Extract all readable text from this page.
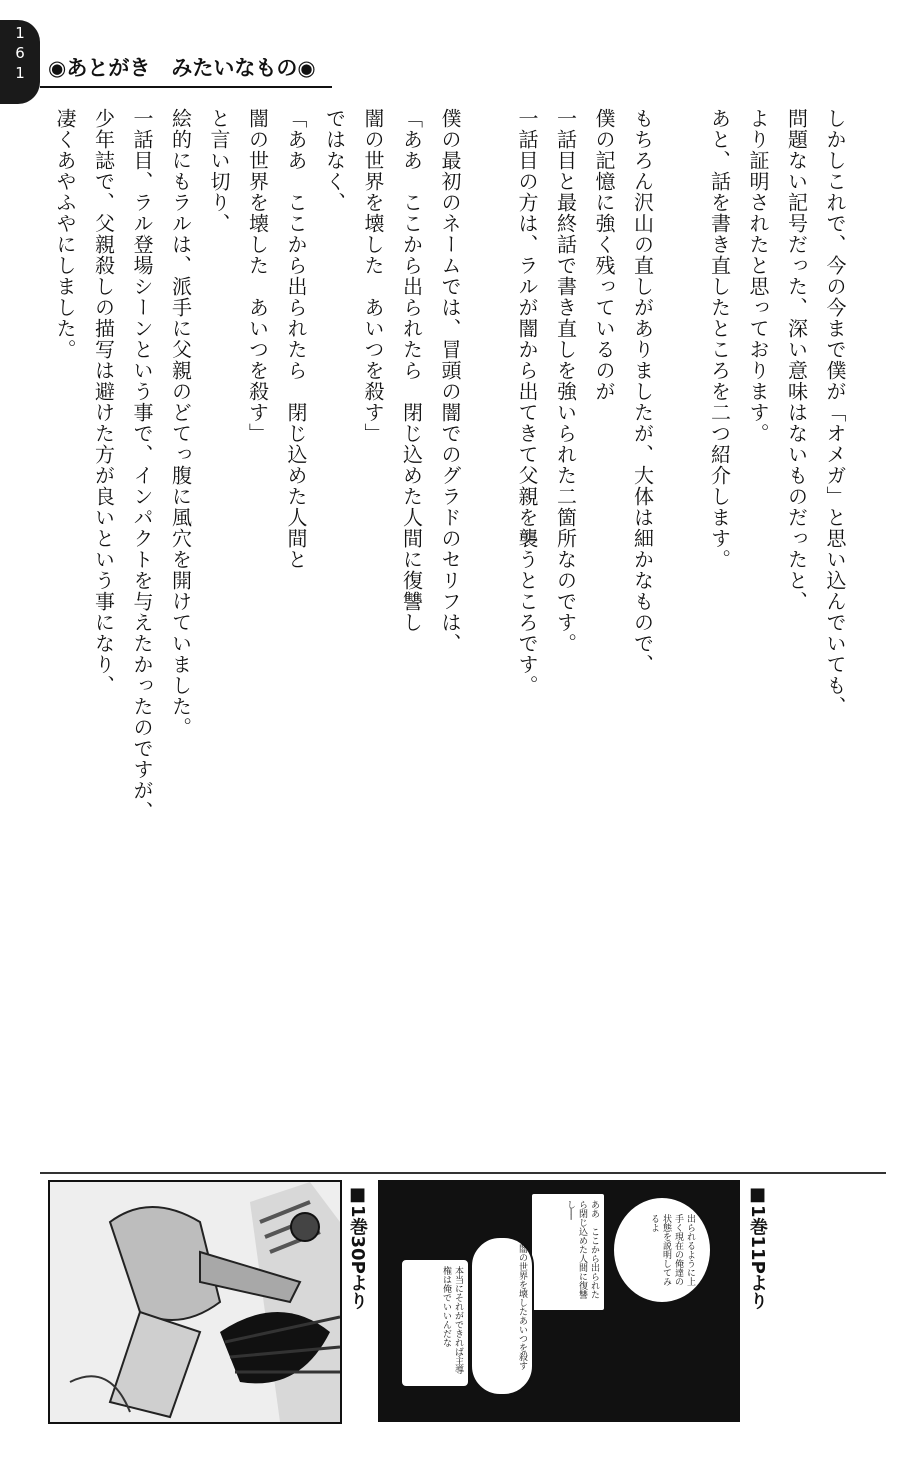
161 ◉あとがき　みたいなもの◉

しかしこれで、今の今まで僕が「オメガ」と思い込んでいても、

問題ない記号だった、深い意味はないものだったと、

より証明されたと思っております。

あと、話を書き直したところを二つ紹介します。

もちろん沢山の直しがありましたが、大体は細かなもので、

僕の記憶に強く残っているのが

一話目と最終話で書き直しを強いられた二箇所なのです。

一話目の方は、ラルが闇から出てきて父親を襲うところです。

僕の最初のネームでは、冒頭の闇でのグラドのセリフは、

「ああ　ここから出られたら　閉じ込めた人間に復讐し

闇の世界を壊した　あいつを殺す」

ではなく、

「ああ　ここから出られたら　閉じ込めた人間と

闇の世界を壊した　あいつを殺す」

と言い切り、

絵的にもラルは、派手に父親のどてっ腹に風穴を開けていました。

一話目、ラル登場シーンという事で、インパクトを与えたかったのですが、

少年誌で、父親殺しの描写は避けた方が良いという事になり、

凄くあやふやにしました。

■1巻30Pより	出られるように上手く現在の俺達の状態を説明してみるよ
ああ　ここから出られたら閉じ込めた人間に復讐し──
闇の世界を壊したあいつを殺す
本当にそれができれば主導権は俺でいいんだな	■1巻11Pより
